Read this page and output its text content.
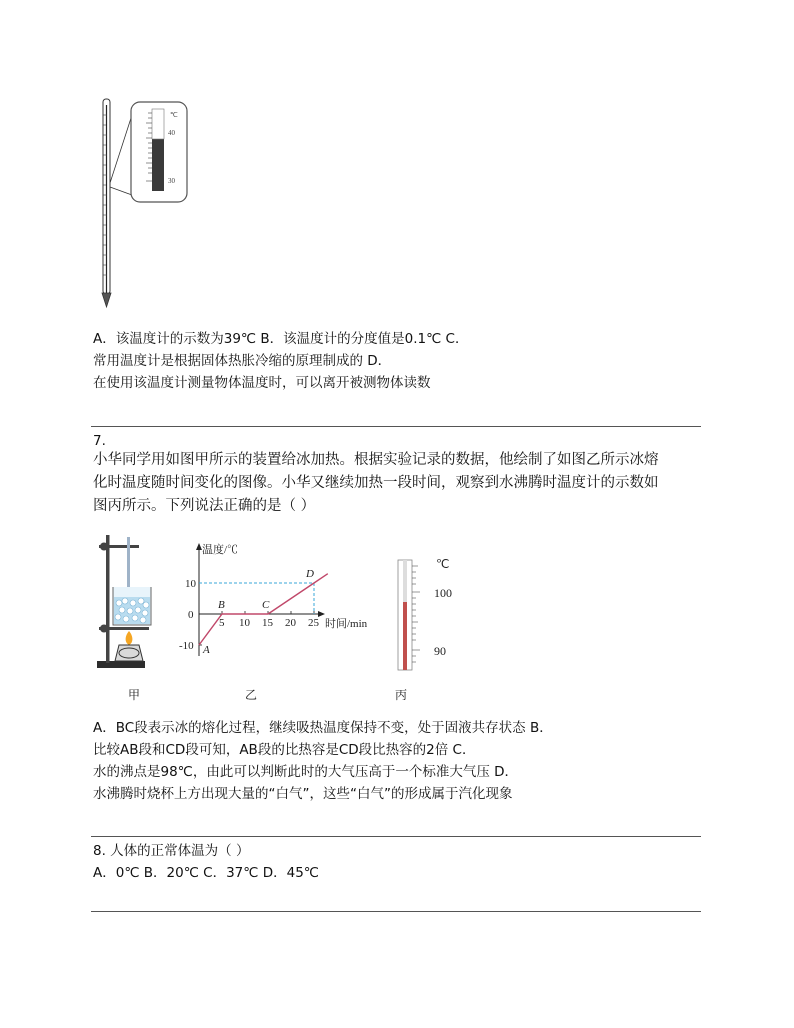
℃
40
30
A．该温度计的示数为39℃ B．该温度计的分度值是0.1℃ C．
常用温度计是根据固体热胀冷缩的原理制成的 D．
在使用该温度计测量物体温度时，可以离开被测物体读数
7.
小华同学用如图甲所示的装置给冰加热。根据实验记录的数据，他绘制了如图乙所示冰熔
化时温度随时间变化的图像。小华又继续加热一段时间，观察到水沸腾时温度计的示数如
图丙所示。下列说法正确的是（ ）
温度/℃
时间/min
0
5 10 15 20 25
10
-10 A
B	C
D
℃
100
90
甲	乙	丙
A．BC段表示冰的熔化过程，继续吸热温度保持不变，处于固液共存状态 B．
比较AB段和CD段可知，AB段的比热容是CD段比热容的2倍 C．
水的沸点是98℃，由此可以判断此时的大气压高于一个标准大气压 D．
水沸腾时烧杯上方出现大量的“白气”，这些“白气”的形成属于汽化现象
8. 人体的正常体温为（ ）
A．0℃ B．20℃ C．37℃ D．45℃
